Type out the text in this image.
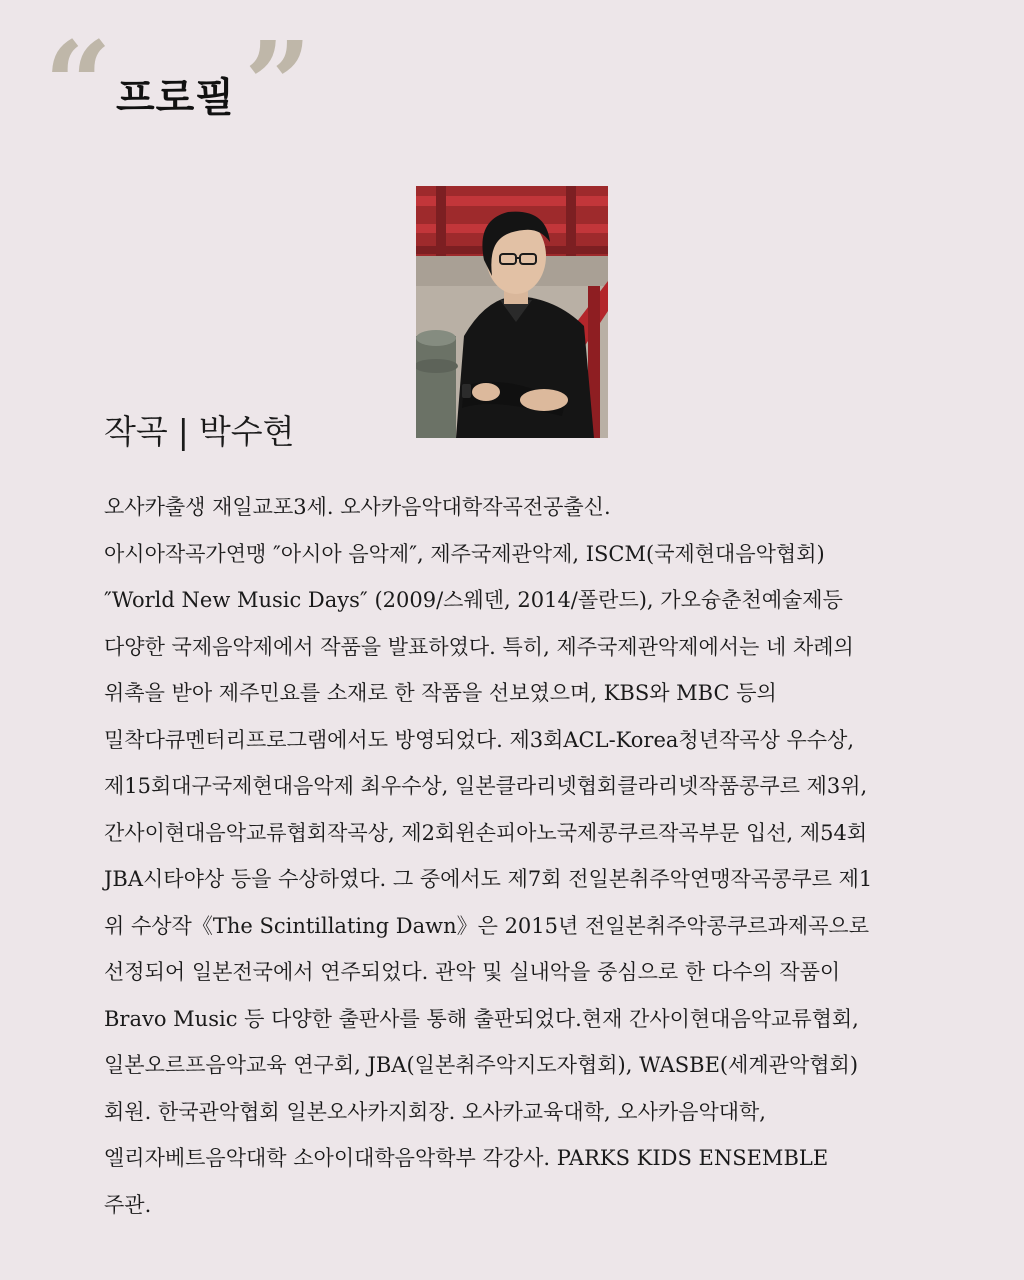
“ ”
프로필
작곡 | 박수현
오사카출생 재일교포3세. 오사카음악대학작곡전공출신.
아시아작곡가연맹 ″아시아 음악제″, 제주국제관악제, ISCM(국제현대음악협회)
″World New Music Days″ (2009/스웨덴, 2014/폴란드), 가오슝춘천예술제등
다양한 국제음악제에서 작품을 발표하였다. 특히, 제주국제관악제에서는 네 차례의
위촉을 받아 제주민요를 소재로 한 작품을 선보였으며, KBS와 MBC 등의
밀착다큐멘터리프로그램에서도 방영되었다. 제3회ACL-Korea청년작곡상 우수상,
제15회대구국제현대음악제 최우수상, 일본클라리넷협회클라리넷작품콩쿠르 제3위,
간사이현대음악교류협회작곡상, 제2회윈손피아노국제콩쿠르작곡부문 입선, 제54회
JBA시타야상 등을 수상하였다. 그 중에서도 제7회 전일본취주악연맹작곡콩쿠르 제1
위 수상작《The Scintillating Dawn》은 2015년 전일본취주악콩쿠르과제곡으로
선정되어 일본전국에서 연주되었다. 관악 및 실내악을 중심으로 한 다수의 작품이
Bravo Music 등 다양한 출판사를 통해 출판되었다.현재 간사이현대음악교류협회,
일본오르프음악교육 연구회, JBA(일본취주악지도자협회), WASBE(세계관악협회)
회원. 한국관악협회 일본오사카지회장. 오사카교육대학, 오사카음악대학,
엘리자베트음악대학 소아이대학음악학부 각강사. PARKS KIDS ENSEMBLE
주관.
